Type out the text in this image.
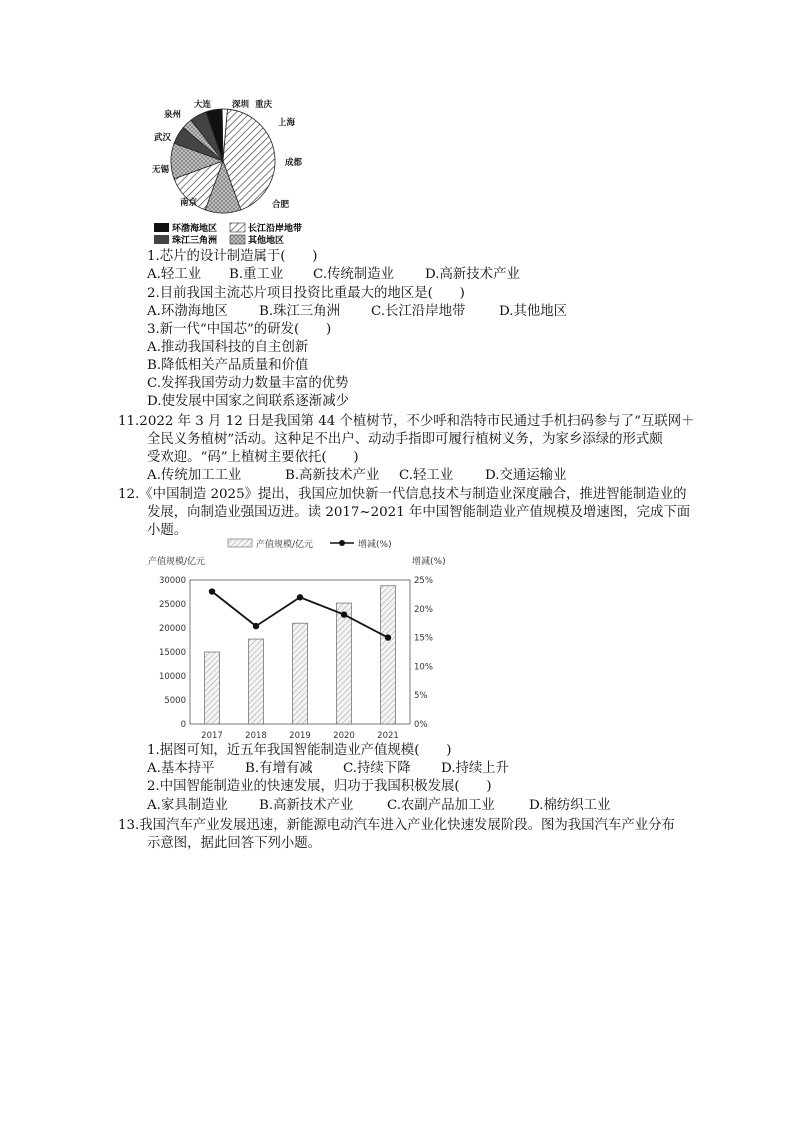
深圳 重庆
上海
成都
合肥
南京
无锡
武汉
泉州
大连
环渤海地区	长江沿岸地带
珠江三角洲	其他地区
1.芯片的设计制造属于(　　)
A.轻工业 B.重工业 C.传统制造业 D.高新技术产业
2.目前我国主流芯片项目投资比重最大的地区是(　　)
A.环渤海地区 B.珠江三角洲 C.长江沿岸地带	D.其他地区
3.新一代“中国芯”的研发(　　)
A.推动我国科技的自主创新
B.降低相关产品质量和价值
C.发挥我国劳动力数量丰富的优势
D.使发展中国家之间联系逐渐减少
11.2022 年 3 月 12 日是我国第 44 个植树节，不少呼和浩特市民通过手机扫码参与了“互联网＋
全民义务植树”活动。这种足不出户、动动手指即可履行植树义务，为家乡添绿的形式颇
受欢迎。“码”上植树主要依托(　　)
A.传统加工工业	B.高新技术产业 C.轻工业 D.交通运输业
12.《中国制造 2025》提出，我国应加快新一代信息技术与制造业深度融合，推进智能制造业的
发展，向制造业强国迈进。读 2017~2021 年中国智能制造业产值规模及增速图，完成下面
小题。
产值规模/亿元	增减(%)
产值规模/亿元	增减(%)
2017	2018	2019	2020	2021
0
5000
10000
15000
20000
25000
30000
0%
5%
10%
15%
20%
25%
1.据图可知，近五年我国智能制造业产值规模(　　)
A.基本持平 B.有增有减 C.持续下降 D.持续上升
2.中国智能制造业的快速发展，归功于我国积极发展(　　)
A.家具制造业 B.高新技术产业	C.农副产品加工业	D.棉纺织工业
13.我国汽车产业发展迅速，新能源电动汽车进入产业化快速发展阶段。图为我国汽车产业分布
示意图，据此回答下列小题。
